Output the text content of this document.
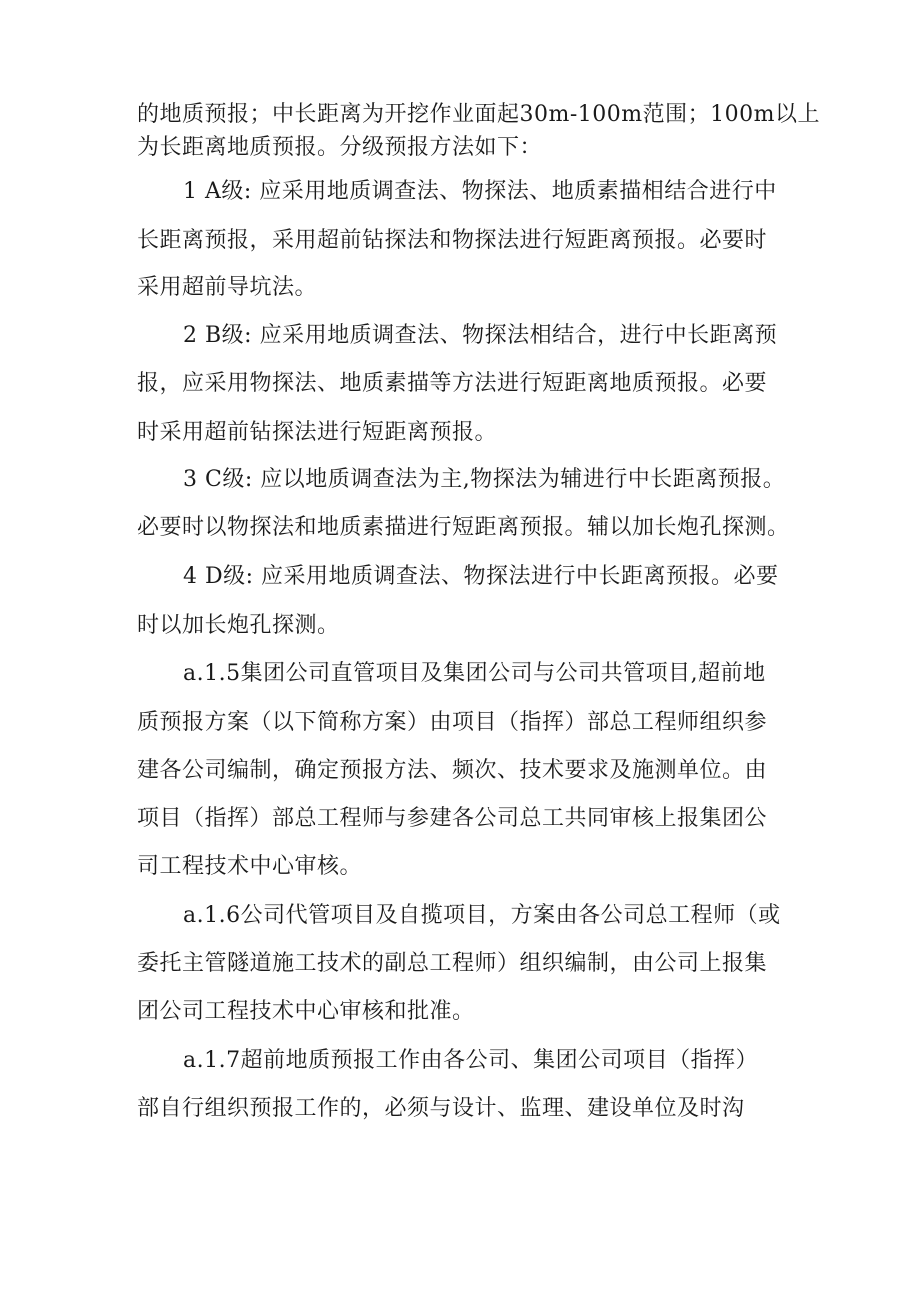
的地质预报；中长距离为开挖作业面起30m-100m范围；100m以上
为长距离地质预报。分级预报方法如下：
1 A级: 应采用地质调查法、物探法、地质素描相结合进行中
长距离预报，采用超前钻探法和物探法进行短距离预报。必要时
采用超前导坑法。
2 B级: 应采用地质调查法、物探法相结合，进行中长距离预
报，应采用物探法、地质素描等方法进行短距离地质预报。必要
时采用超前钻探法进行短距离预报。
3 C级: 应以地质调查法为主,物探法为辅进行中长距离预报。
必要时以物探法和地质素描进行短距离预报。辅以加长炮孔探测。
4 D级: 应采用地质调查法、物探法进行中长距离预报。必要
时以加长炮孔探测。
a.1.5集团公司直管项目及集团公司与公司共管项目,超前地
质预报方案（以下简称方案）由项目（指挥）部总工程师组织参
建各公司编制，确定预报方法、频次、技术要求及施测单位。由
项目（指挥）部总工程师与参建各公司总工共同审核上报集团公
司工程技术中心审核。
a.1.6公司代管项目及自揽项目，方案由各公司总工程师（或
委托主管隧道施工技术的副总工程师）组织编制，由公司上报集
团公司工程技术中心审核和批准。
a.1.7超前地质预报工作由各公司、集团公司项目（指挥）
部自行组织预报工作的，必须与设计、监理、建设单位及时沟
